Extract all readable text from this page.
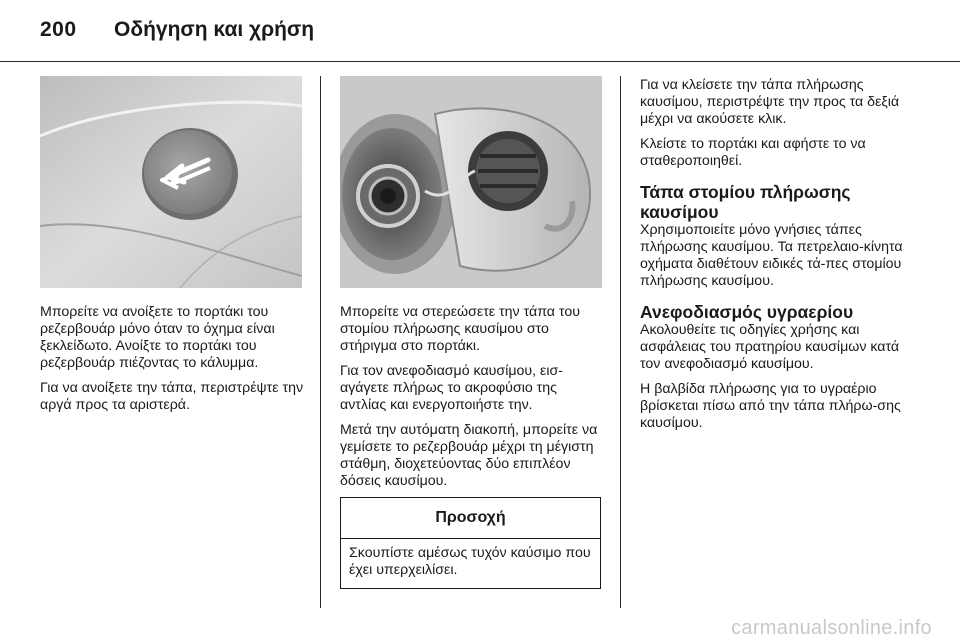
200 Οδήγηση και χρήση

Μπορείτε να ανοίξετε το πορτάκι του ρεζερβουάρ μόνο όταν το όχημα είναι ξεκλείδωτο. Ανοίξτε το πορτάκι του ρεζερβουάρ πιέζοντας το κάλυμμα.

Για να ανοίξετε την τάπα, περιστρέψτε την αργά προς τα αριστερά.

Μπορείτε να στερεώσετε την τάπα του στομίου πλήρωσης καυσίμου στο στήριγμα στο πορτάκι.

Για τον ανεφοδιασμό καυσίμου, εισ-αγάγετε πλήρως το ακροφύσιο της αντλίας και ενεργοποιήστε την.

Μετά την αυτόματη διακοπή, μπορείτε να γεμίσετε το ρεζερβουάρ μέχρι τη μέγιστη στάθμη, διοχετεύοντας δύο επιπλέον δόσεις καυσίμου.

Προσοχή
Σκουπίστε αμέσως τυχόν καύσιμο που έχει υπερχειλίσει.

Για να κλείσετε την τάπα πλήρωσης καυσίμου, περιστρέψτε την προς τα δεξιά μέχρι να ακούσετε κλικ.

Κλείστε το πορτάκι και αφήστε το να σταθεροποιηθεί.

Τάπα στομίου πλήρωσης καυσίμου

Χρησιμοποιείτε μόνο γνήσιες τάπες πλήρωσης καυσίμου. Τα πετρελαιο-κίνητα οχήματα διαθέτουν ειδικές τά-πες στομίου πλήρωσης καυσίμου.

Ανεφοδιασμός υγραερίου

Ακολουθείτε τις οδηγίες χρήσης και ασφάλειας του πρατηρίου καυσίμων κατά τον ανεφοδιασμό καυσίμου.

Η βαλβίδα πλήρωσης για το υγραέριο βρίσκεται πίσω από την τάπα πλήρω-σης καυσίμου.

carmanualsonline.info
